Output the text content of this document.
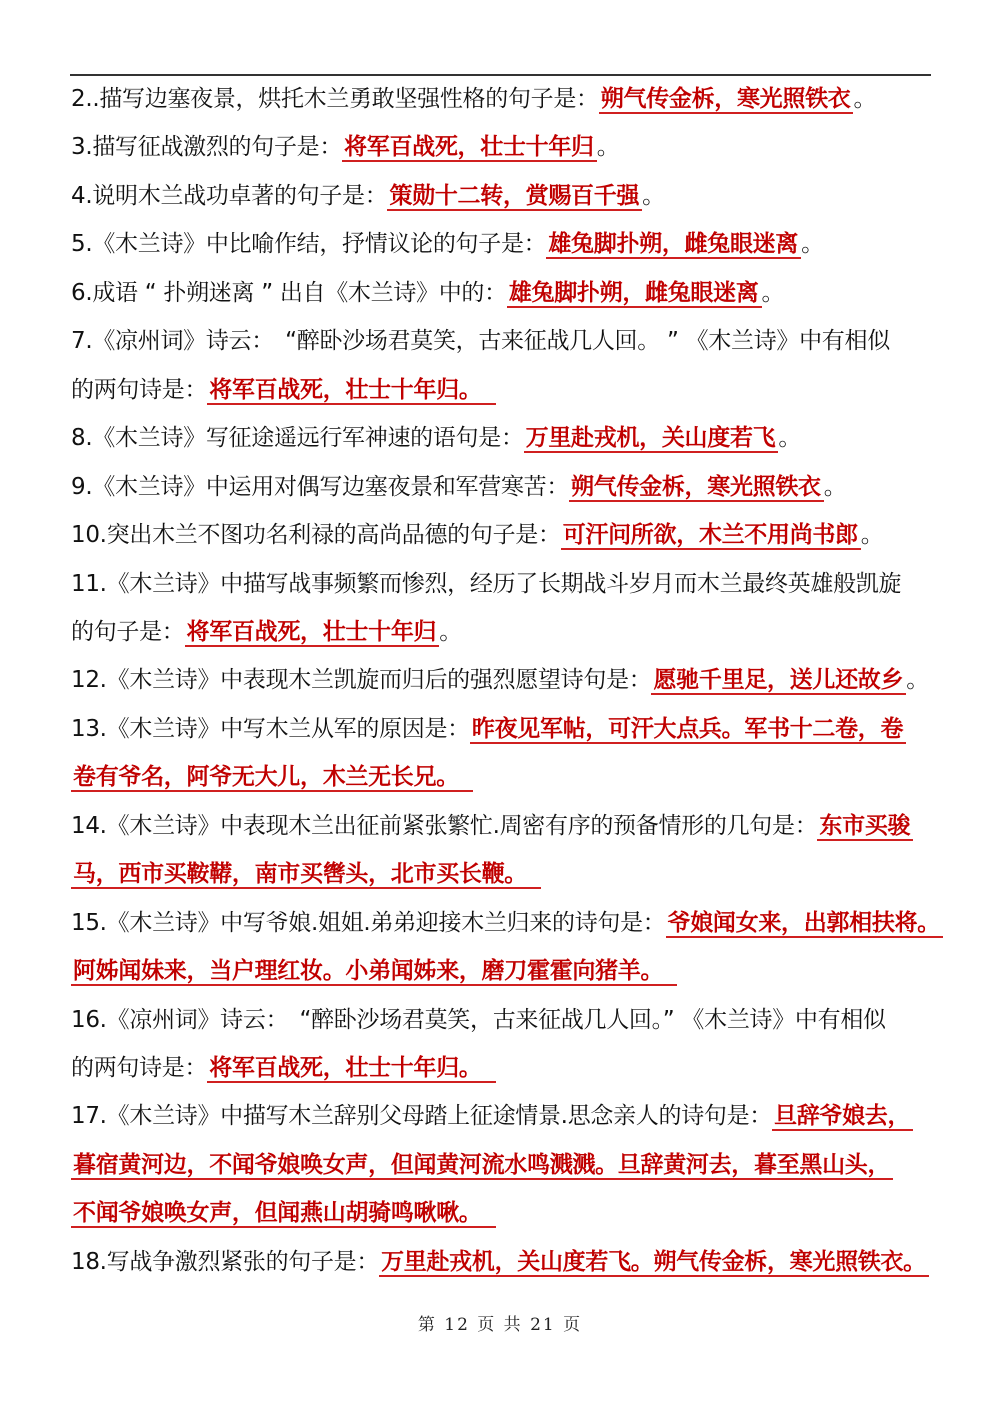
2..描写边塞夜景，烘托木兰勇敢坚强性格的句子是：朔气传金柝，寒光照铁衣 。
3.描写征战激烈的句子是：将军百战死，壮士十年归 。
4.说明木兰战功卓著的句子是：策勋十二转，赏赐百千强 。
5.《木兰诗》中比喻作结，抒情议论的句子是：雄兔脚扑朔，雌兔眼迷离 。
6.成语 “ 扑朔迷离 ” 出自《木兰诗》中的：雄兔脚扑朔，雌兔眼迷离 。
7.《凉州词》诗云：　“醉卧沙场君莫笑，古来征战几人回。 ” 《木兰诗》中有相似
的两句诗是：将军百战死，壮士十年归。　
8.《木兰诗》写征途遥远行军神速的语句是：万里赴戎机，关山度若飞 。
9.《木兰诗》中运用对偶写边塞夜景和军营寒苦：朔气传金柝，寒光照铁衣 。
10.突出木兰不图功名利禄的高尚品德的句子是：可汗问所欲，木兰不用尚书郎 。
11.《木兰诗》中描写战事频繁而惨烈，经历了长期战斗岁月而木兰最终英雄般凯旋
的句子是：将军百战死，壮士十年归 。
12.《木兰诗》中表现木兰凯旋而归后的强烈愿望诗句是：愿驰千里足，送儿还故乡 。
13.《木兰诗》中写木兰从军的原因是：昨夜见军帖，可汗大点兵。军书十二卷，卷
卷有爷名，阿爷无大儿，木兰无长兄。　
14.《木兰诗》中表现木兰出征前紧张繁忙.周密有序的预备情形的几句是：东市买骏
马，西市买鞍鞯，南市买辔头，北市买长鞭。　
15.《木兰诗》中写爷娘.姐姐.弟弟迎接木兰归来的诗句是：爷娘闻女来，出郭相扶将。
阿姊闻妹来，当户理红妆。小弟闻姊来，磨刀霍霍向猪羊。　
16.《凉州词》诗云：　“醉卧沙场君莫笑，古来征战几人回。” 《木兰诗》中有相似
的两句诗是：将军百战死，壮士十年归。　
17.《木兰诗》中描写木兰辞别父母踏上征途情景.思念亲人的诗句是：旦辞爷娘去，
暮宿黄河边，不闻爷娘唤女声，但闻黄河流水鸣溅溅。旦辞黄河去，暮至黑山头，
不闻爷娘唤女声，但闻燕山胡骑鸣啾啾。　
18.写战争激烈紧张的句子是：万里赴戎机，关山度若飞。朔气传金柝，寒光照铁衣。
第 12 页 共 21 页
